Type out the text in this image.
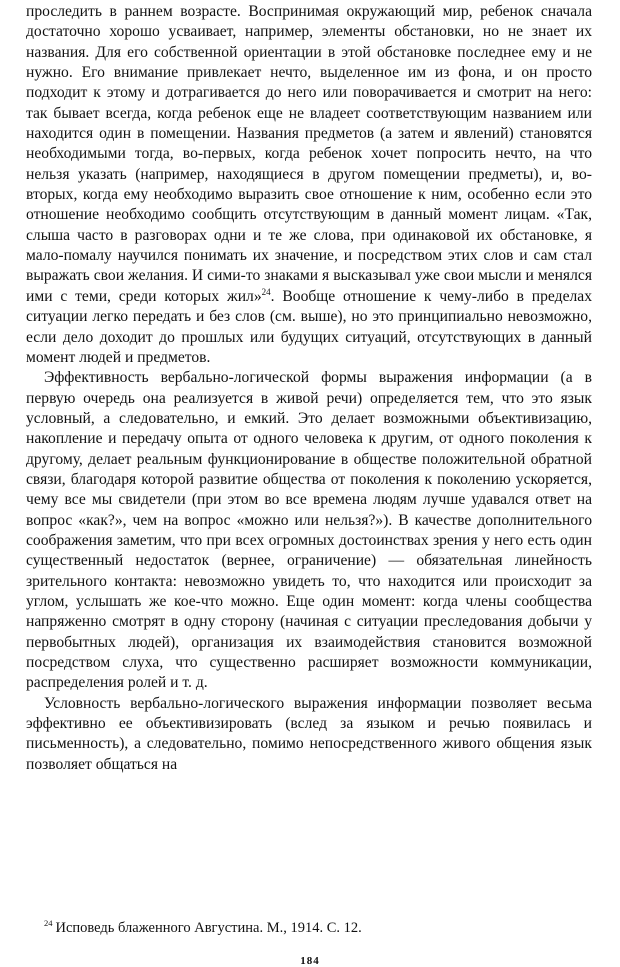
проследить в раннем возрасте. Воспринимая окружающий мир, ребенок сначала достаточно хорошо усваивает, например, элементы обстановки, но не знает их названия. Для его собственной ориентации в этой обстановке последнее ему и не нужно. Его внимание привлекает нечто, выделенное им из фона, и он просто подходит к этому и дотрагивается до него или поворачивается и смотрит на него: так бывает всегда, когда ребенок еще не владеет соответствующим названием или находится один в помещении. Названия предметов (а затем и явлений) становятся необходимыми тогда, во-первых, когда ребенок хочет попросить нечто, на что нельзя указать (например, находящиеся в другом помещении предметы), и, во-вторых, когда ему необходимо выразить свое отношение к ним, особенно если это отношение необходимо сообщить отсутствующим в данный момент лицам. «Так, слыша часто в разговорах одни и те же слова, при одинаковой их обстановке, я мало-помалу научился понимать их значение, и посредством этих слов и сам стал выражать свои желания. И сими-то знаками я высказывал уже свои мысли и менялся ими с теми, среди которых жил»$^{24}$. Вообще отношение к чему-либо в пределах ситуации легко передать и без слов (см. выше), но это принципиально невозможно, если дело доходит до прошлых или будущих ситуаций, отсутствующих в данный момент людей и предметов.

Эффективность вербально-логической формы выражения информации (а в первую очередь она реализуется в живой речи) определяется тем, что это язык условный, а следовательно, и емкий. Это делает возможными объективизацию, накопление и передачу опыта от одного человека к другим, от одного поколения к другому, делает реальным функционирование в обществе положительной обратной связи, благодаря которой развитие общества от поколения к поколению ускоряется, чему все мы свидетели (при этом во все времена людям лучше удавался ответ на вопрос «как?», чем на вопрос «можно или нельзя?»). В качестве дополнительного соображения заметим, что при всех огромных достоинствах зрения у него есть один существенный недостаток (вернее, ограничение) — обязательная линейность зрительного контакта: невозможно увидеть то, что находится или происходит за углом, услышать же кое-что можно. Еще один момент: когда члены сообщества напряженно смотрят в одну сторону (начиная с ситуации преследования добычи у первобытных людей), организация их взаимодействия становится возможной посредством слуха, что существенно расширяет возможности коммуникации, распределения ролей и т. д.

Условность вербально-логического выражения информации позволяет весьма эффективно ее объективизировать (вслед за языком и речью появилась и письменность), а следовательно, помимо непосредственного живого общения язык позволяет общаться на

$^{24}$ Исповедь блаженного Августина. М., 1914. С. 12.
184
